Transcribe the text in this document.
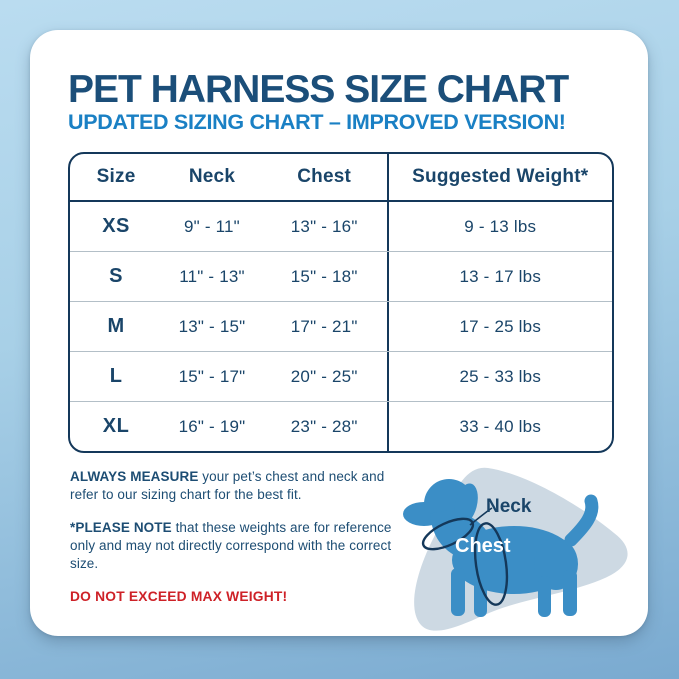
PET HARNESS SIZE CHART
UPDATED SIZING CHART – IMPROVED VERSION!
Size	Neck	Chest	Suggested Weight*
XS	9" - 11"	13" - 16"	9 - 13 lbs
S	11" - 13"	15" - 18"	13 - 17 lbs
M	13" - 15"	17" - 21"	17 - 25 lbs
L	15" - 17"	20" - 25"	25 - 33 lbs
XL	16" - 19"	23" - 28"	33 - 40 lbs

ALWAYS MEASURE your pet’s chest and neck and refer to our sizing chart for the best fit.

*PLEASE NOTE that these weights are for reference only and may not directly correspond with the correct size.

DO NOT EXCEED MAX WEIGHT!

Neck
Chest
